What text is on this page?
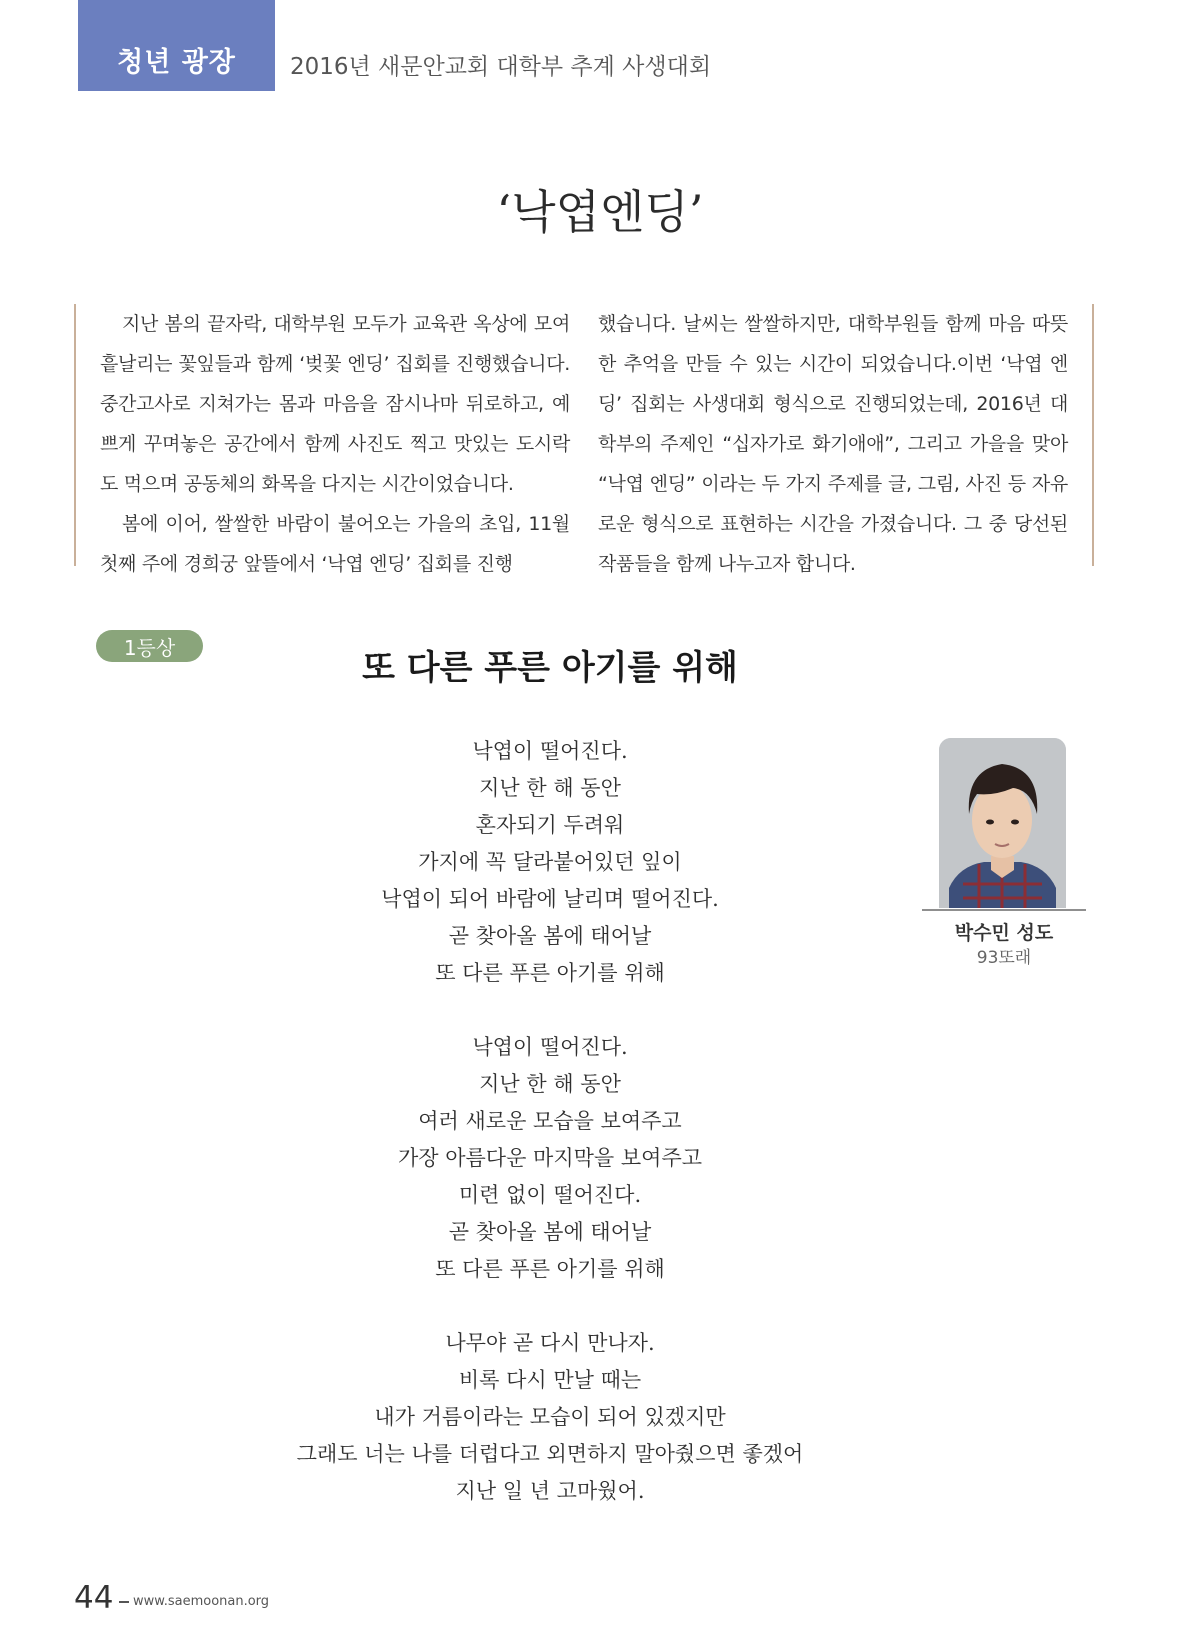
청년 광장	2016년 새문안교회 대학부 추계 사생대회
‘낙엽엔딩’

지난 봄의 끝자락, 대학부원 모두가 교육관 옥상에 모여 흩날리는 꽃잎들과 함께 ‘벚꽃 엔딩’ 집회를 진행했습니다. 중간고사로 지쳐가는 몸과 마음을 잠시나마 뒤로하고, 예쁘게 꾸며놓은 공간에서 함께 사진도 찍고 맛있는 도시락도 먹으며 공동체의 화목을 다지는 시간이었습니다.

봄에 이어, 쌀쌀한 바람이 불어오는 가을의 초입, 11월 첫째 주에 경희궁 앞뜰에서 ‘낙엽 엔딩’ 집회를 진행

했습니다. 날씨는 쌀쌀하지만, 대학부원들 함께 마음 따뜻한 추억을 만들 수 있는 시간이 되었습니다.이번 ‘낙엽 엔딩’ 집회는 사생대회 형식으로 진행되었는데, 2016년 대학부의 주제인 “십자가로 화기애애”, 그리고 가을을 맞아 “낙엽 엔딩” 이라는 두 가지 주제를 글, 그림, 사진 등 자유로운 형식으로 표현하는 시간을 가졌습니다. 그 중 당선된 작품들을 함께 나누고자 합니다.

1등상
또 다른 푸른 아기를 위해
낙엽이 떨어진다.
지난 한 해 동안
혼자되기 두려워
가지에 꼭 달라붙어있던 잎이
낙엽이 되어 바람에 날리며 떨어진다.
곧 찾아올 봄에 태어날
또 다른 푸른 아기를 위해
낙엽이 떨어진다.
지난 한 해 동안
여러 새로운 모습을 보여주고
가장 아름다운 마지막을 보여주고
미련 없이 떨어진다.
곧 찾아올 봄에 태어날
또 다른 푸른 아기를 위해
나무야 곧 다시 만나자.
비록 다시 만날 때는
내가 거름이라는 모습이 되어 있겠지만
그래도 너는 나를 더럽다고 외면하지 말아줬으면 좋겠어
지난 일 년 고마웠어.
박수민 성도
93또래
44 www.saemoonan.org
